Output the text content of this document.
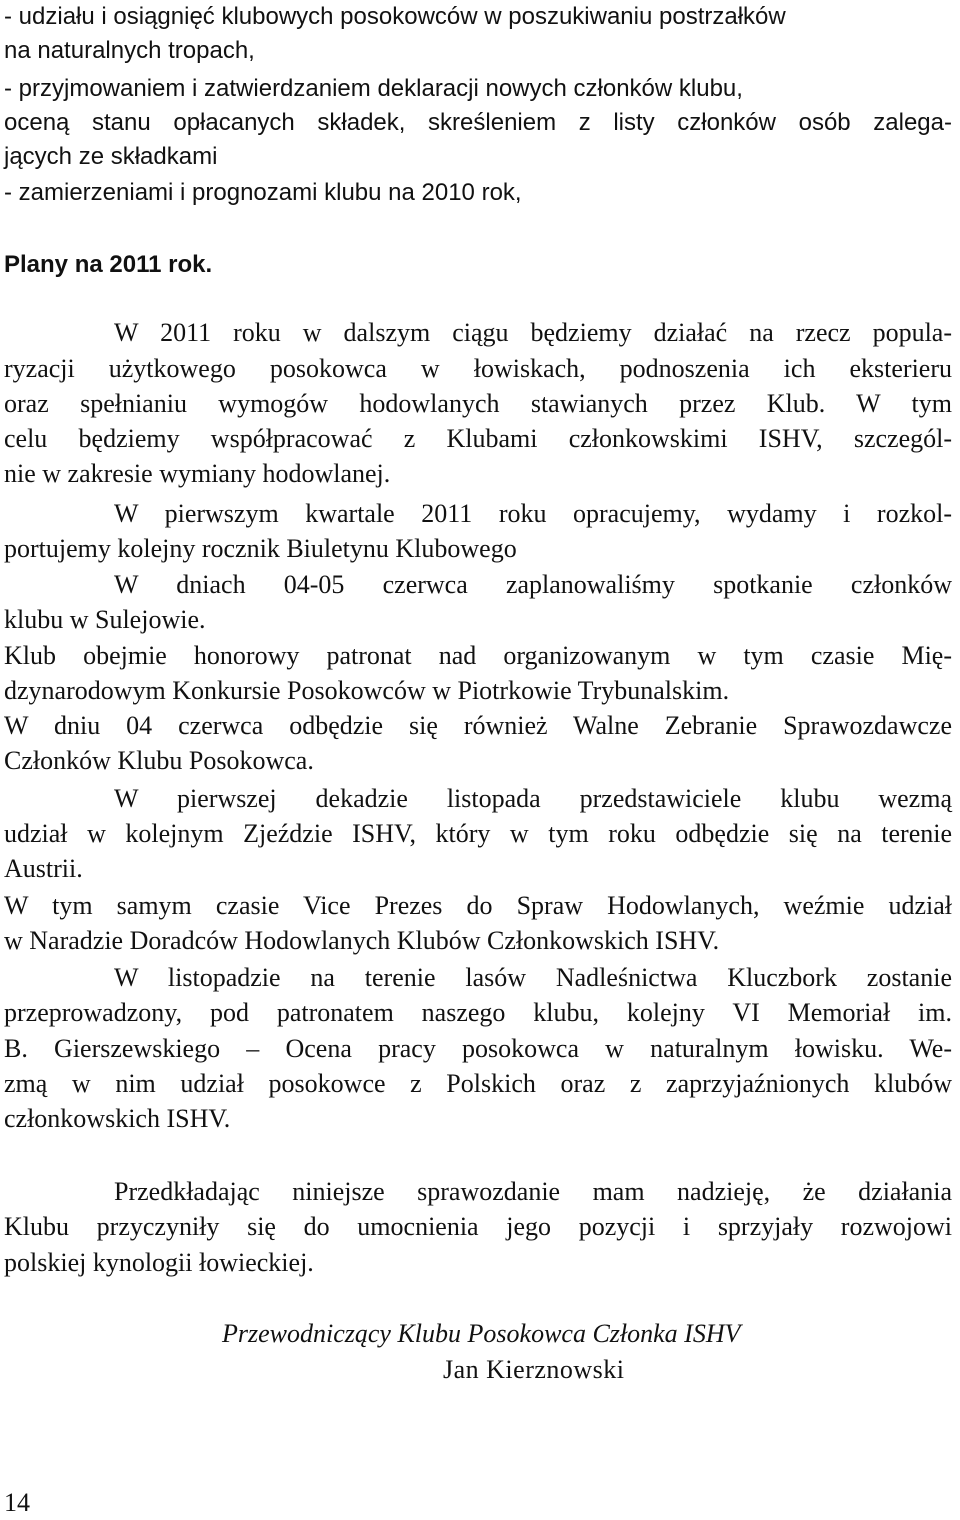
- udziału i osiągnięć klubowych posokowców w poszukiwaniu postrzałków
na naturalnych tropach,
- przyjmowaniem i zatwierdzaniem deklaracji nowych członków klubu,
oceną stanu opłacanych składek, skreśleniem z listy członków osób zalega-
jących ze składkami
- zamierzeniami i prognozami klubu na 2010 rok,
Plany na 2011 rok.
W 2011 roku w dalszym ciągu będziemy działać na rzecz popula-
ryzacji użytkowego posokowca w łowiskach, podnoszenia ich eksterieru
oraz spełnianiu wymogów hodowlanych stawianych przez Klub. W tym
celu będziemy współpracować z Klubami członkowskimi ISHV, szczegól-
nie w zakresie wymiany hodowlanej.
W pierwszym kwartale 2011 roku opracujemy, wydamy i rozkol-
portujemy kolejny rocznik Biuletynu Klubowego
W dniach 04-05 czerwca zaplanowaliśmy spotkanie członków
klubu w Sulejowie.
Klub obejmie honorowy patronat nad organizowanym w tym czasie Mię-
dzynarodowym Konkursie Posokowców w Piotrkowie Trybunalskim.
W dniu 04 czerwca odbędzie się również Walne Zebranie Sprawozdawcze
Członków Klubu Posokowca.
W pierwszej dekadzie listopada przedstawiciele klubu wezmą
udział w kolejnym Zjeździe ISHV, który w tym roku odbędzie się na terenie
Austrii.
W tym samym czasie Vice Prezes do Spraw Hodowlanych, weźmie udział
w Naradzie Doradców Hodowlanych Klubów Członkowskich ISHV.
W listopadzie na terenie lasów Nadleśnictwa Kluczbork zostanie
przeprowadzony, pod patronatem naszego klubu, kolejny VI Memoriał im.
B. Gierszewskiego – Ocena pracy posokowca w naturalnym łowisku. We-
zmą w nim udział posokowce z Polskich oraz z zaprzyjaźnionych klubów
członkowskich ISHV.
Przedkładając niniejsze sprawozdanie mam nadzieję, że działania
Klubu przyczyniły się do umocnienia jego pozycji i sprzyjały rozwojowi
polskiej kynologii łowieckiej.
Przewodniczący Klubu Posokowca Członka ISHV
Jan Kierznowski
14
